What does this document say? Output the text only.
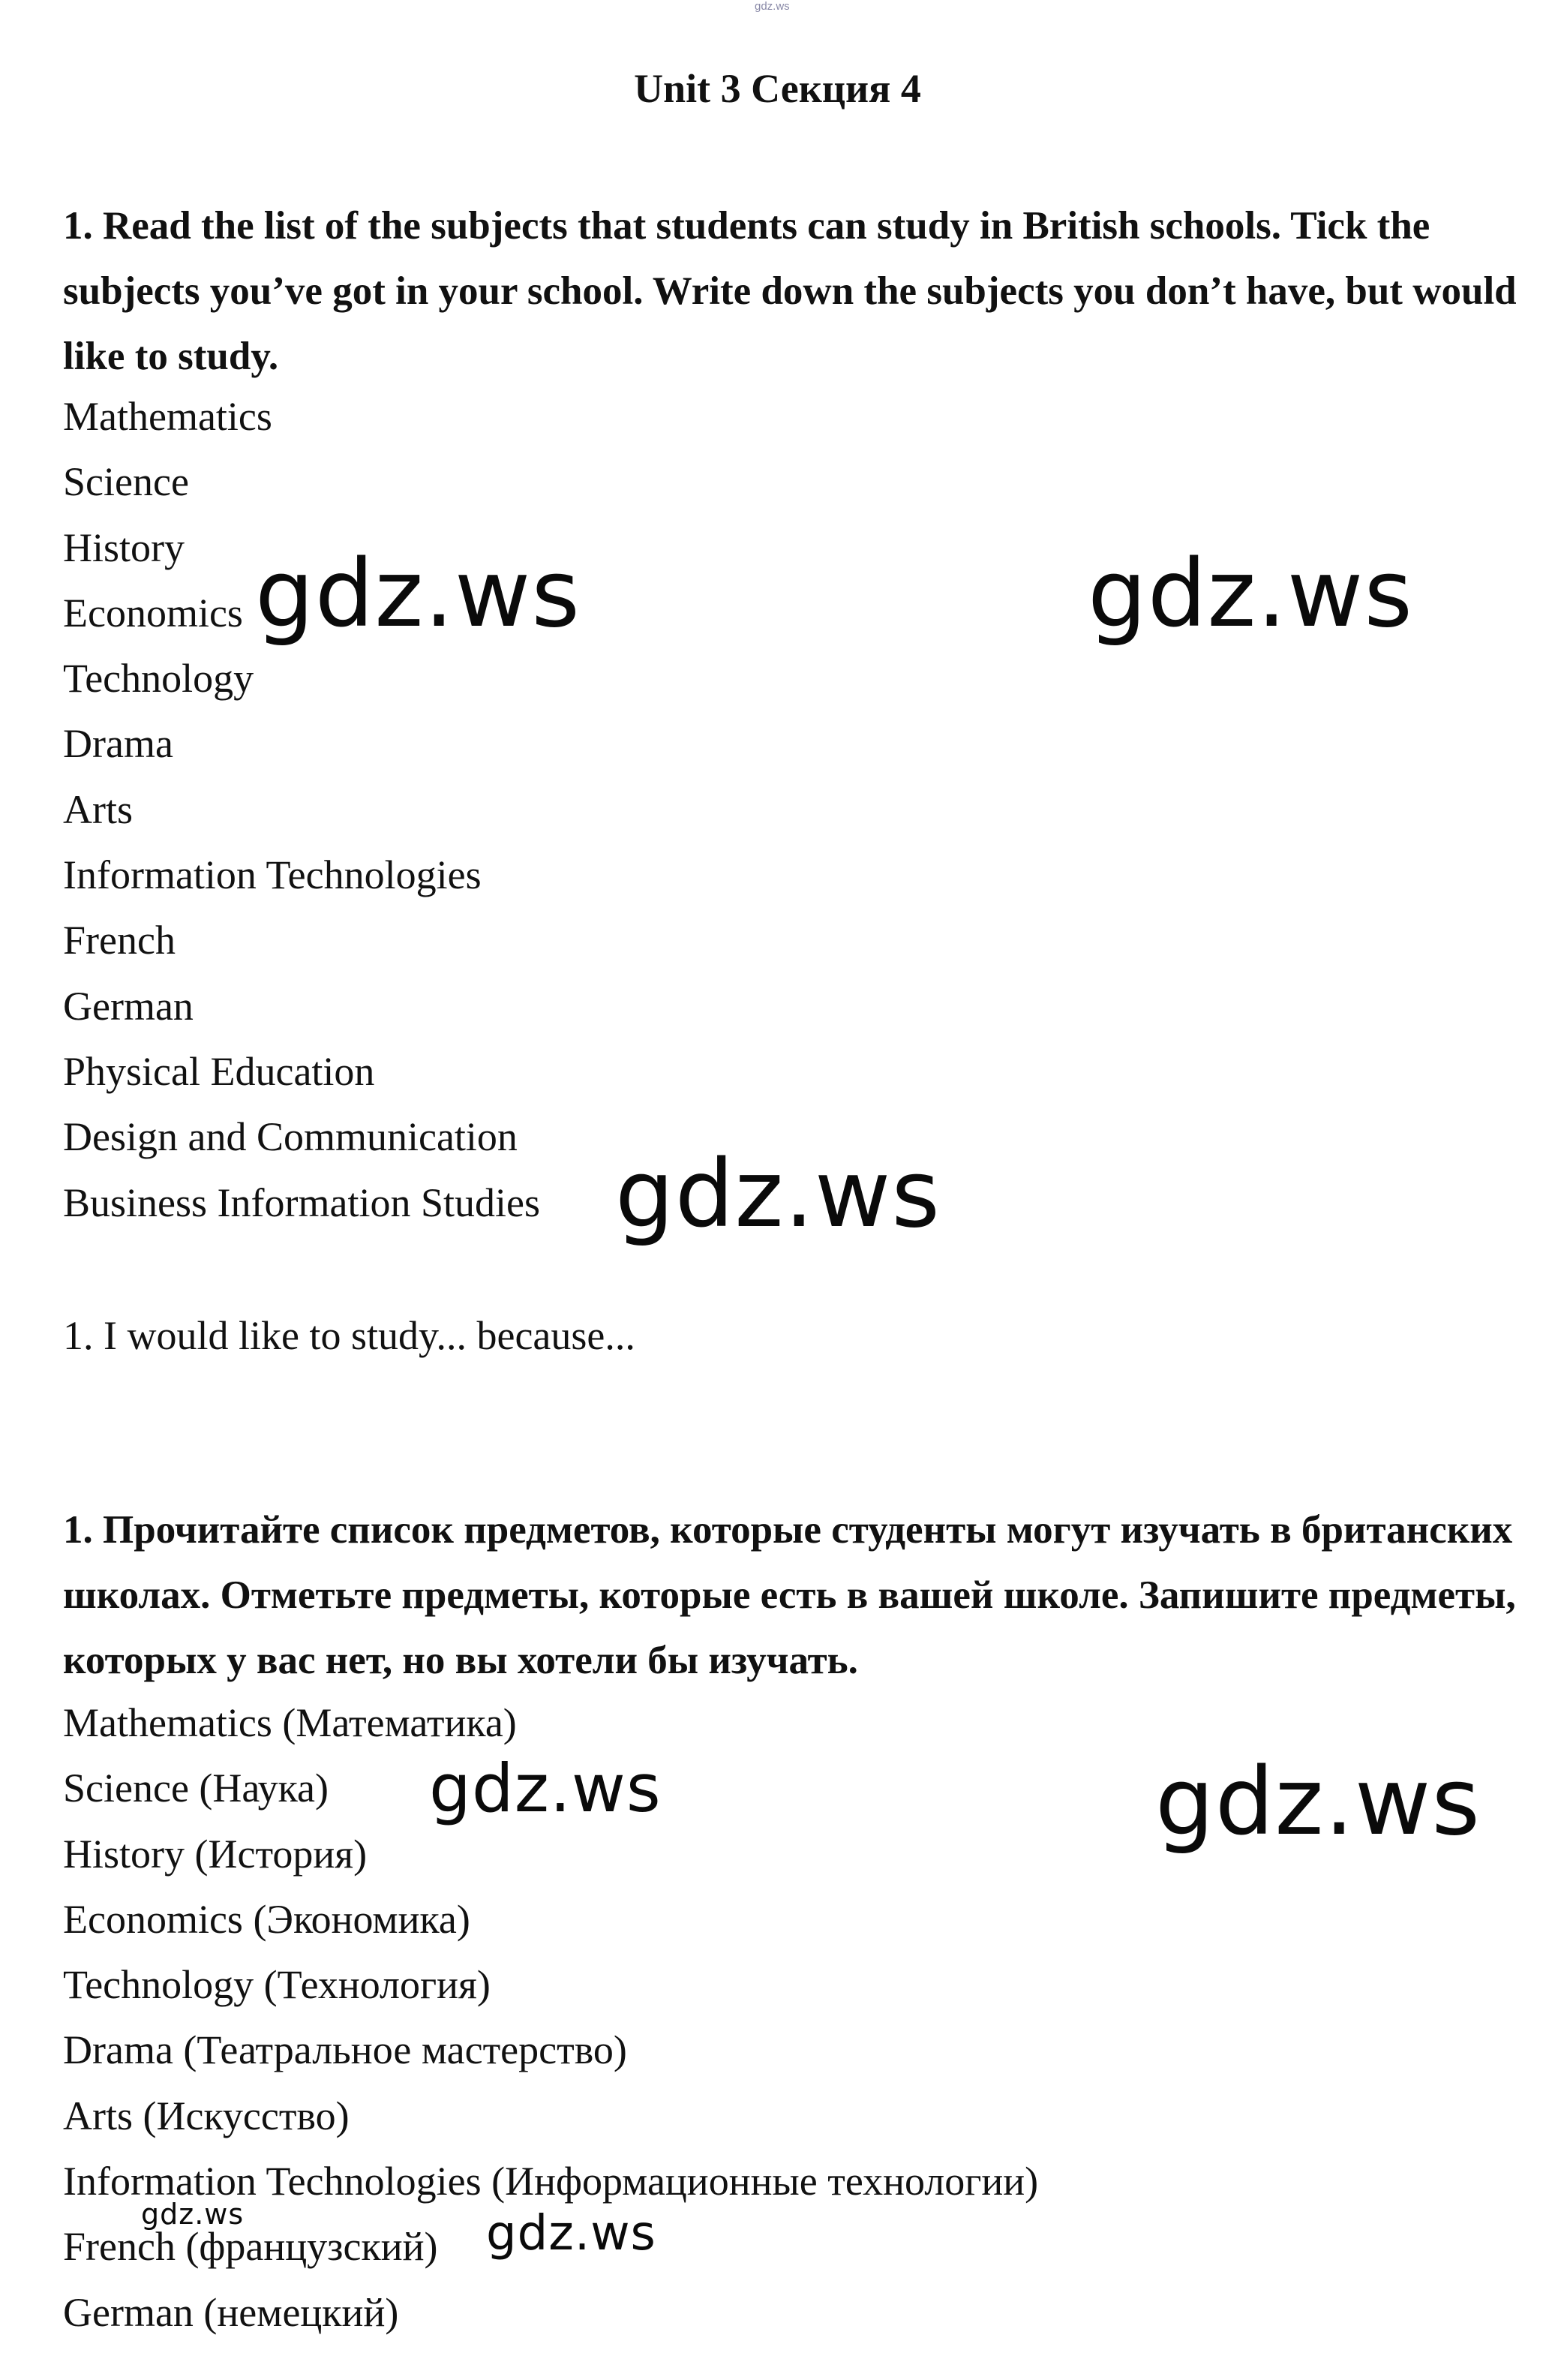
gdz.ws
Unit 3 Секция 4

1. Read the list of the subjects that students can study in British schools. Tick the subjects you’ve got in your school. Write down the subjects you don’t have, but would like to study.

Mathematics
Science
History
Economics
Technology
Drama
Arts
Information Technologies
French
German
Physical Education
Design and Communication
Business Information Studies
1. I would like to study... because...

1. Прочитайте список предметов, которые студенты могут изучать в британских школах. Отметьте предметы, которые есть в вашей школе. Запишите предметы, которых у вас нет, но вы хотели бы изучать.

Mathematics (Математика)
Science (Наука)
History (История)
Economics (Экономика)
Technology (Технология)
Drama (Театральное мастерство)
Arts (Искусство)
Information Technologies (Информационные технологии)
French (французский)
German (немецкий)
gdz.ws	gdz.ws
gdz.ws
gdz.ws	gdz.ws
gdz.ws	gdz.ws
